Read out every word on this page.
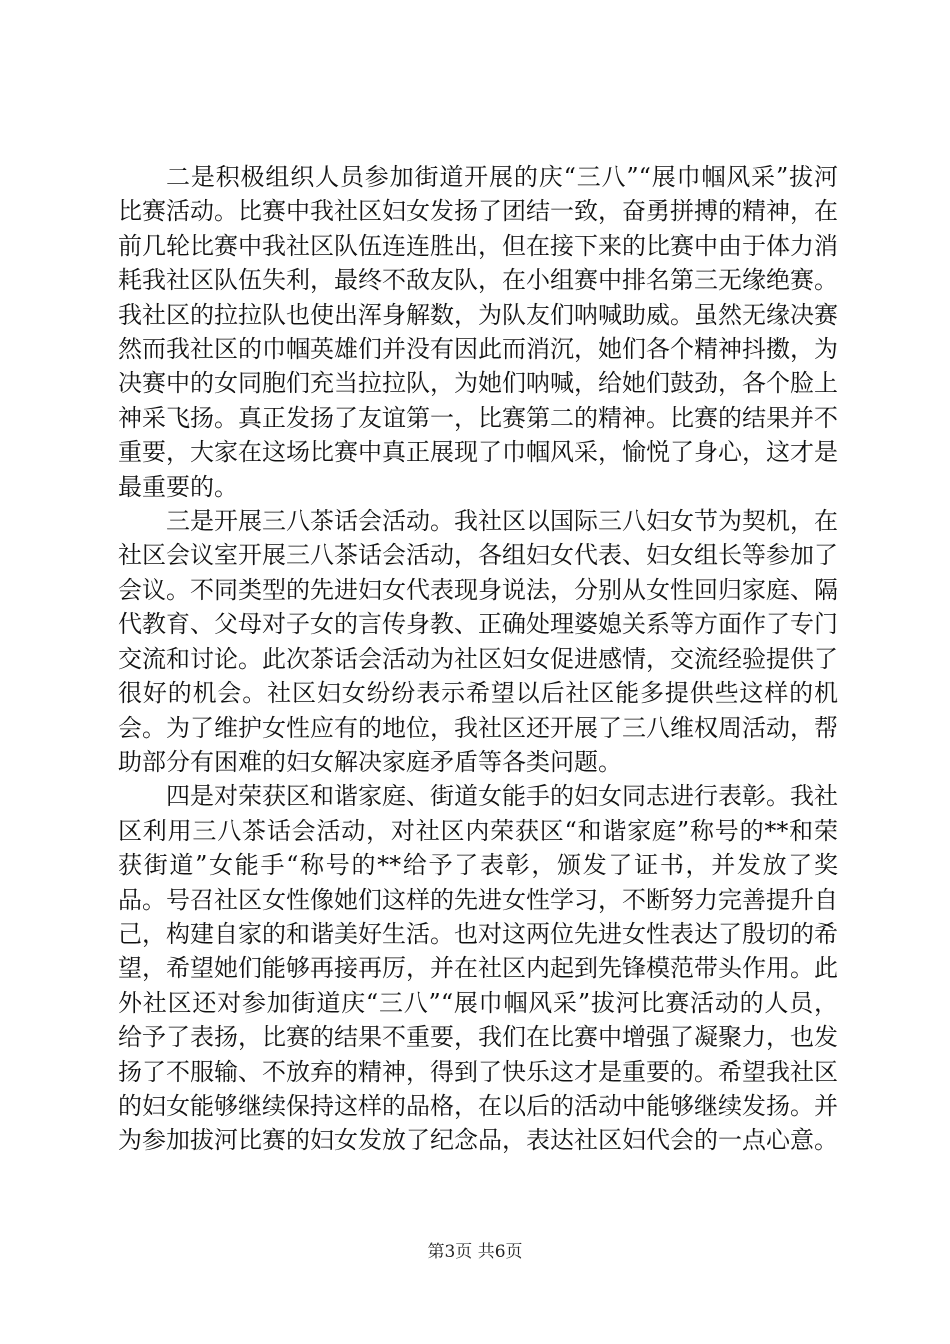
二是积极组织人员参加街道开展的庆“三八”“展巾帼风采”拔河比赛活动。比赛中我社区妇女发扬了团结一致，奋勇拼搏的精神，在前几轮比赛中我社区队伍连连胜出，但在接下来的比赛中由于体力消耗我社区队伍失利，最终不敌友队，在小组赛中排名第三无缘绝赛。我社区的拉拉队也使出浑身解数，为队友们呐喊助威。虽然无缘决赛然而我社区的巾帼英雄们并没有因此而消沉，她们各个精神抖擞，为决赛中的女同胞们充当拉拉队，为她们呐喊，给她们鼓劲，各个脸上神采飞扬。真正发扬了友谊第一，比赛第二的精神。比赛的结果并不重要，大家在这场比赛中真正展现了巾帼风采，愉悦了身心，这才是最重要的。

三是开展三八茶话会活动。我社区以国际三八妇女节为契机，在社区会议室开展三八茶话会活动，各组妇女代表、妇女组长等参加了会议。不同类型的先进妇女代表现身说法，分别从女性回归家庭、隔代教育、父母对子女的言传身教、正确处理婆媳关系等方面作了专门交流和讨论。此次茶话会活动为社区妇女促进感情，交流经验提供了很好的机会。社区妇女纷纷表示希望以后社区能多提供些这样的机会。为了维护女性应有的地位，我社区还开展了三八维权周活动，帮助部分有困难的妇女解决家庭矛盾等各类问题。

四是对荣获区和谐家庭、街道女能手的妇女同志进行表彰。我社区利用三八茶话会活动，对社区内荣获区“和谐家庭”称号的**和荣获街道”女能手“称号的**给予了表彰，颁发了证书，并发放了奖品。号召社区女性像她们这样的先进女性学习，不断努力完善提升自己，构建自家的和谐美好生活。也对这两位先进女性表达了殷切的希望，希望她们能够再接再厉，并在社区内起到先锋模范带头作用。此外社区还对参加街道庆“三八”“展巾帼风采”拔河比赛活动的人员，给予了表扬，比赛的结果不重要，我们在比赛中增强了凝聚力，也发扬了不服输、不放弃的精神，得到了快乐这才是重要的。希望我社区的妇女能够继续保持这样的品格，在以后的活动中能够继续发扬。并为参加拔河比赛的妇女发放了纪念品，表达社区妇代会的一点心意。

第3页 共6页
